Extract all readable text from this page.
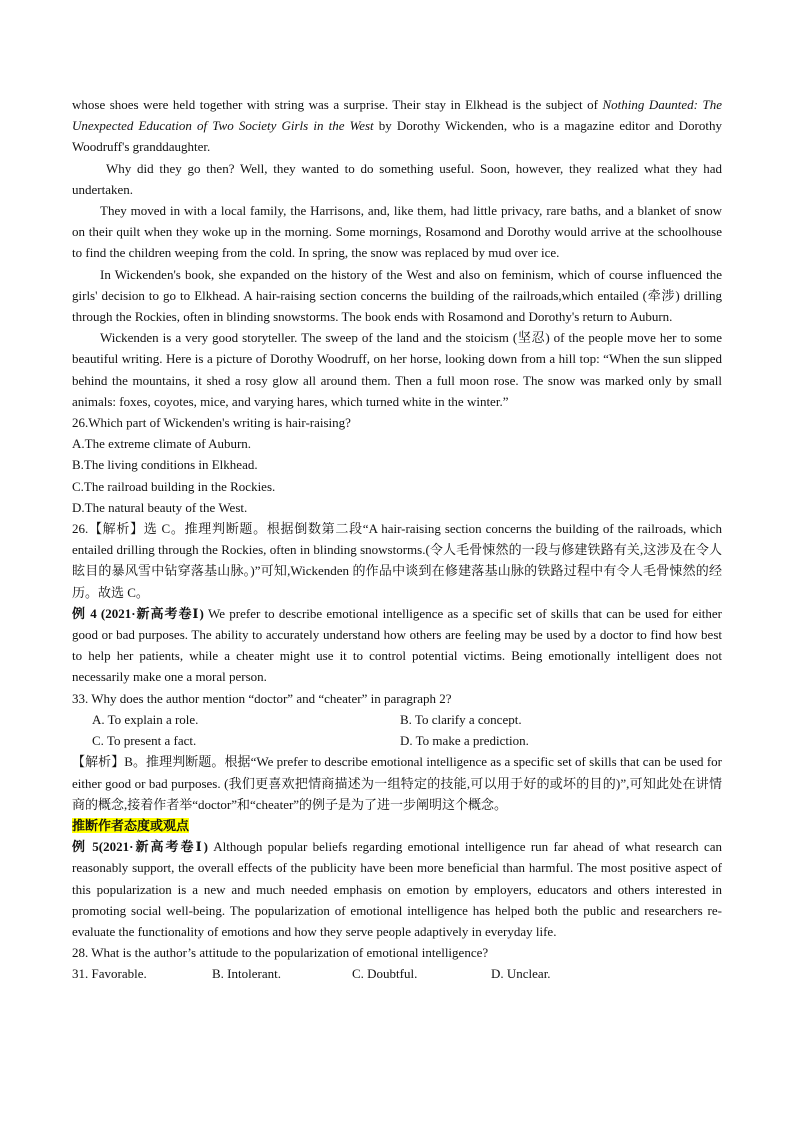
whose shoes were held together with string was a surprise. Their stay in Elkhead is the subject of Nothing Daunted: The Unexpected Education of Two Society Girls in the West by Dorothy Wickenden, who is a magazine editor and Dorothy Woodruff's granddaughter.

Why did they go then? Well, they wanted to do something useful. Soon, however, they realized what they had undertaken.

They moved in with a local family, the Harrisons, and, like them, had little privacy, rare baths, and a blanket of snow on their quilt when they woke up in the morning. Some mornings, Rosamond and Dorothy would arrive at the schoolhouse to find the children weeping from the cold. In spring, the snow was replaced by mud over ice.

In Wickenden's book, she expanded on the history of the West and also on feminism, which of course influenced the girls' decision to go to Elkhead. A hair-raising section concerns the building of the railroads,which entailed (牵涉) drilling through the Rockies, often in blinding snowstorms. The book ends with Rosamond and Dorothy's return to Auburn.

Wickenden is a very good storyteller. The sweep of the land and the stoicism (坚忍) of the people move her to some beautiful writing. Here is a picture of Dorothy Woodruff, on her horse, looking down from a hill top: “When the sun slipped behind the mountains, it shed a rosy glow all around them. Then a full moon rose. The snow was marked only by small animals: foxes, coyotes, mice, and varying hares, which turned white in the winter.”

26.Which part of Wickenden's writing is hair-raising?

A.The extreme climate of Auburn.

B.The living conditions in Elkhead.

C.The railroad building in the Rockies.

D.The natural beauty of the West.

26.【解析】选 C。推理判断题。根据倒数第二段“A hair-raising section concerns the building of the railroads, which entailed drilling through the Rockies, often in blinding snowstorms.(令人毛骨悚然的一段与修建铁路有关,这涉及在令人眩目的暴风雪中钻穿落基山脉。)”可知,Wickenden 的作品中谈到在修建落基山脉的铁路过程中有令人毛骨悚然的经历。故选 C。

例 4 (2021·新高考卷Ⅰ) We prefer to describe emotional intelligence as a specific set of skills that can be used for either good or bad purposes. The ability to accurately understand how others are feeling may be used by a doctor to find how best to help her patients, while a cheater might use it to control potential victims. Being emotionally intelligent does not necessarily make one a moral person.

33. Why does the author mention “doctor” and “cheater” in paragraph 2?

A. To explain a role.	B. To clarify a concept.
C. To present a fact.	D. To make a prediction.

【解析】B。推理判断题。根据“We prefer to describe emotional intelligence as a specific set of skills that can be used for either good or bad purposes. (我们更喜欢把情商描述为一组特定的技能,可以用于好的或坏的目的)”,可知此处在讲情商的概念,接着作者举“doctor”和“cheater”的例子是为了进一步阐明这个概念。

推断作者态度或观点

例 5(2021·新高考卷Ⅰ) Although popular beliefs regarding emotional intelligence run far ahead of what research can reasonably support, the overall effects of the publicity have been more beneficial than harmful. The most positive aspect of this popularization is a new and much needed emphasis on emotion by employers, educators and others interested in promoting social well-being. The popularization of emotional intelligence has helped both the public and researchers re-evaluate the functionality of emotions and how they serve people adaptively in everyday life.

28. What is the author’s attitude to the popularization of emotional intelligence?

31. Favorable.	B. Intolerant.	C. Doubtful.	D. Unclear.
